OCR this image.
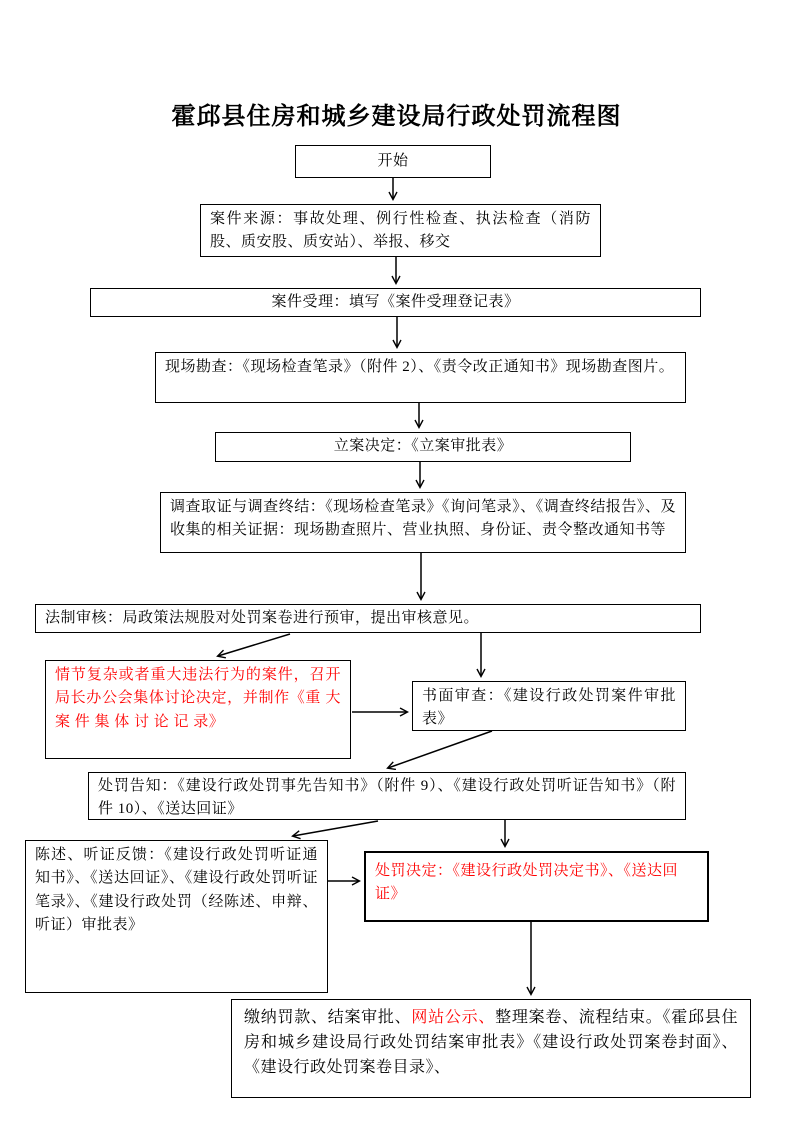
霍邱县住房和城乡建设局行政处罚流程图
开始
案件来源：事故处理、例行性检查、执法检查（消防股、质安股、质安站）、举报、移交
案件受理：填写《案件受理登记表》
现场勘查：《现场检查笔录》（附件 2）、《责令改正通知书》现场勘查图片。
立案决定：《立案审批表》
调查取证与调查终结：《现场检查笔录》《询问笔录》、《调查终结报告》、及收集的相关证据：现场勘查照片、营业执照、身份证、责令整改通知书等
法制审核：局政策法规股对处罚案卷进行预审，提出审核意见。
情节复杂或者重大违法行为的案件，召开局长办公会集体讨论决定，并制作《重 大 案 件 集 体 讨 论 记 录》
书面审查：《建设行政处罚案件审批表》
处罚告知：《建设行政处罚事先告知书》（附件 9）、《建设行政处罚听证告知书》（附件 10）、《送达回证》
陈述、听证反馈：《建设行政处罚听证通知书》、《送达回证》、《建设行政处罚听证笔录》、《建设行政处罚（经陈述、申辩、听证）审批表》
处罚决定：《建设行政处罚决定书》、《送达回证》
缴纳罚款、结案审批、网站公示、整理案卷、流程结束。《霍邱县住房和城乡建设局行政处罚结案审批表》《建设行政处罚案卷封面》、《建设行政处罚案卷目录》、
